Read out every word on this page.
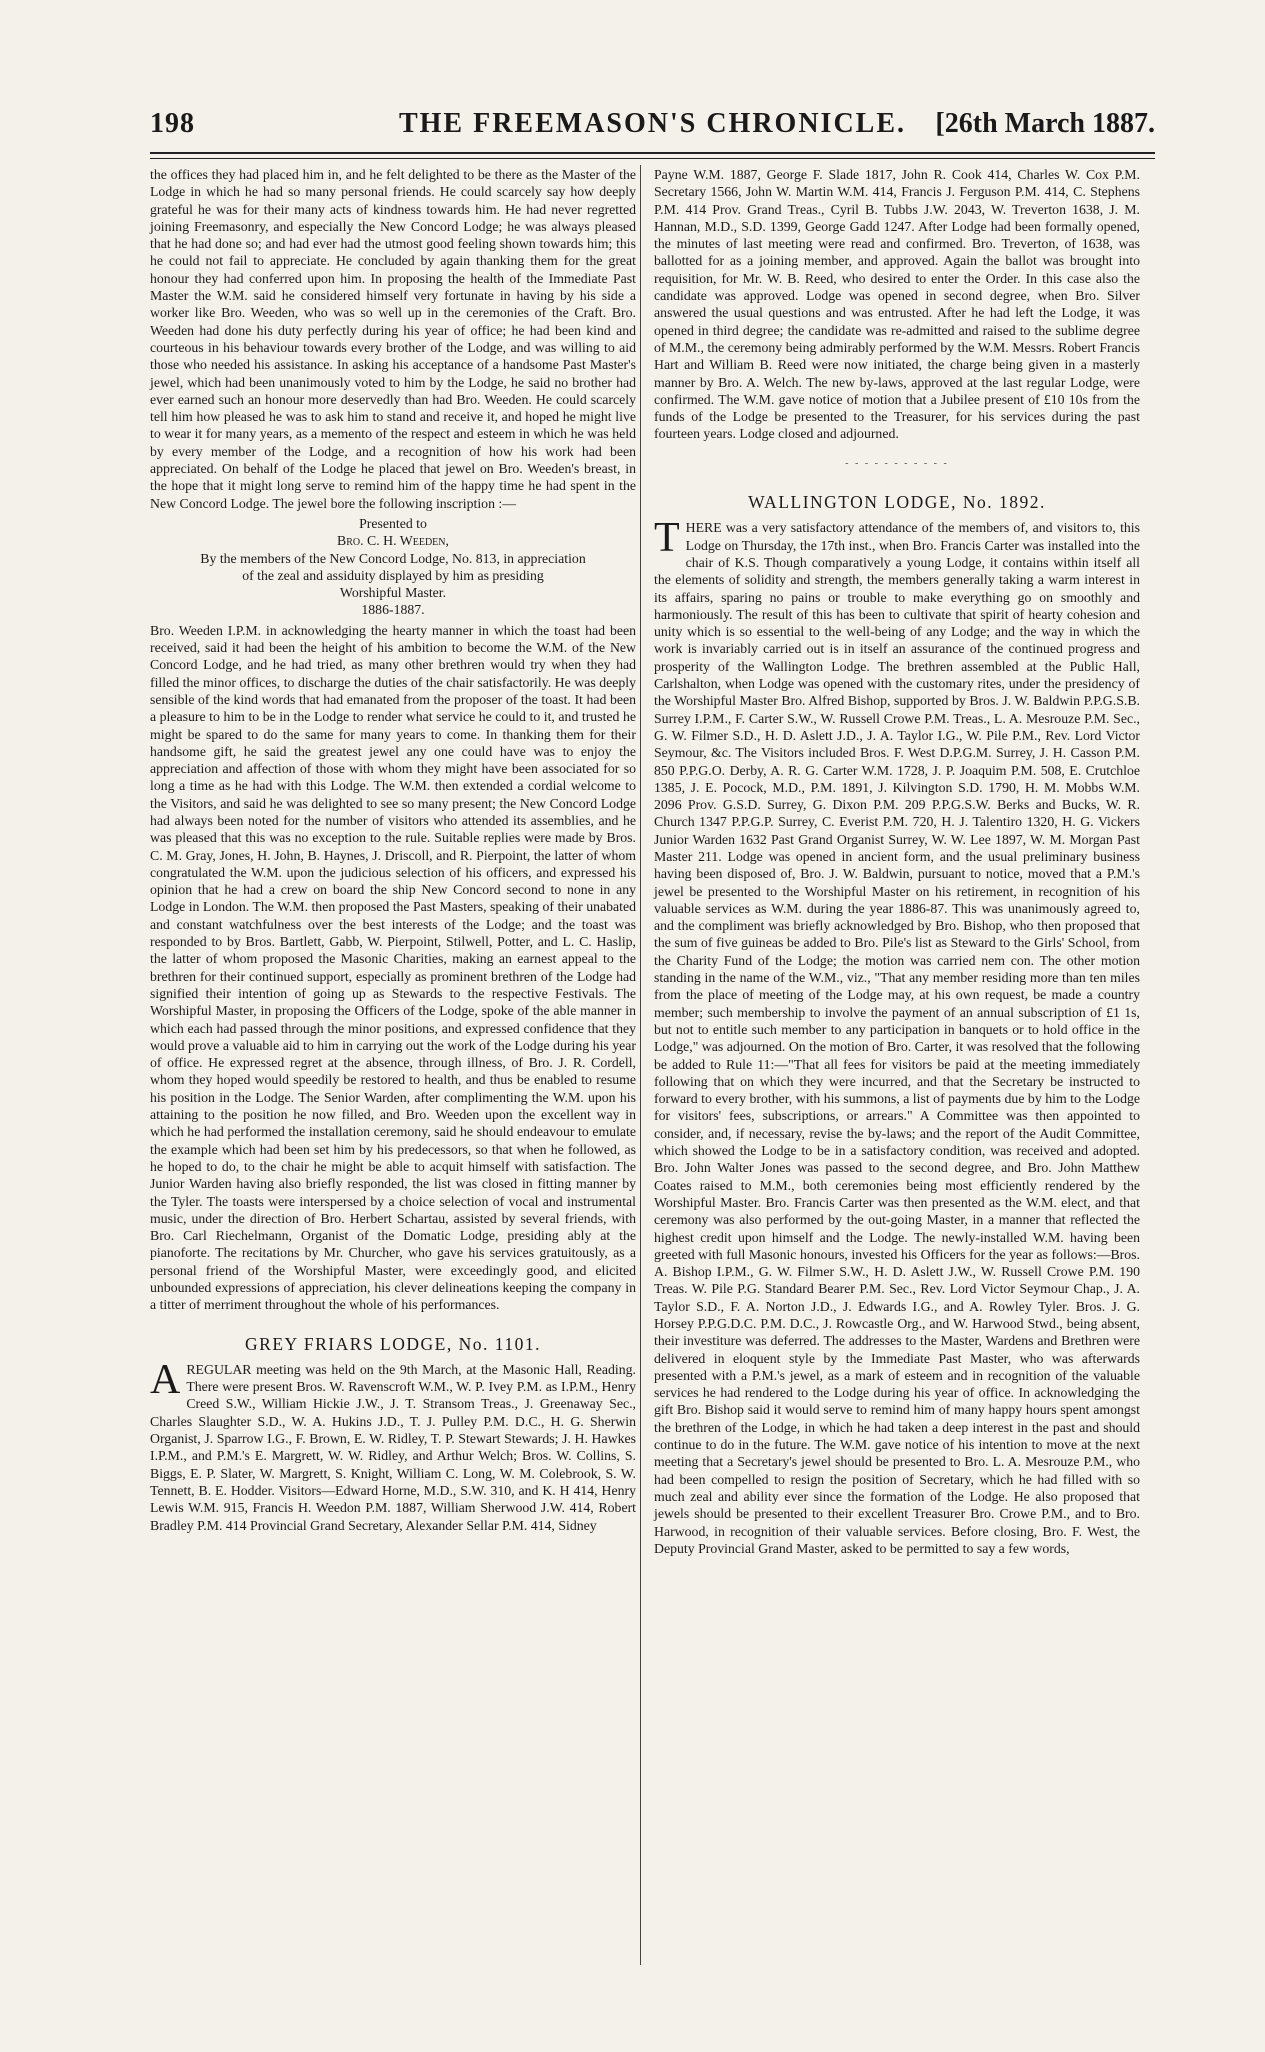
198	THE FREEMASON'S CHRONICLE.	[26th March 1887.

the offices they had placed him in, and he felt delighted to be there as the Master of the Lodge in which he had so many personal friends. He could scarcely say how deeply grateful he was for their many acts of kindness towards him. He had never regretted joining Freemasonry, and especially the New Concord Lodge; he was always pleased that he had done so; and had ever had the utmost good feeling shown towards him; this he could not fail to appreciate. He concluded by again thanking them for the great honour they had conferred upon him. In proposing the health of the Immediate Past Master the W.M. said he considered himself very fortunate in having by his side a worker like Bro. Weeden, who was so well up in the ceremonies of the Craft. Bro. Weeden had done his duty perfectly during his year of office; he had been kind and courteous in his behaviour towards every brother of the Lodge, and was willing to aid those who needed his assistance. In asking his acceptance of a handsome Past Master's jewel, which had been unanimously voted to him by the Lodge, he said no brother had ever earned such an honour more deservedly than had Bro. Weeden. He could scarcely tell him how pleased he was to ask him to stand and receive it, and hoped he might live to wear it for many years, as a memento of the respect and esteem in which he was held by every member of the Lodge, and a recognition of how his work had been appreciated. On behalf of the Lodge he placed that jewel on Bro. Weeden's breast, in the hope that it might long serve to remind him of the happy time he had spent in the New Concord Lodge. The jewel bore the following inscription :—

Presented to
Bro. C. H. Weeden,
By the members of the New Concord Lodge, No. 813, in appreciation
of the zeal and assiduity displayed by him as presiding
Worshipful Master.
1886-1887.

Bro. Weeden I.P.M. in acknowledging the hearty manner in which the toast had been received, said it had been the height of his ambition to become the W.M. of the New Concord Lodge, and he had tried, as many other brethren would try when they had filled the minor offices, to discharge the duties of the chair satisfactorily. He was deeply sensible of the kind words that had emanated from the proposer of the toast. It had been a pleasure to him to be in the Lodge to render what service he could to it, and trusted he might be spared to do the same for many years to come. In thanking them for their handsome gift, he said the greatest jewel any one could have was to enjoy the appreciation and affection of those with whom they might have been associated for so long a time as he had with this Lodge. The W.M. then extended a cordial welcome to the Visitors, and said he was delighted to see so many present; the New Concord Lodge had always been noted for the number of visitors who attended its assemblies, and he was pleased that this was no exception to the rule. Suitable replies were made by Bros. C. M. Gray, Jones, H. John, B. Haynes, J. Driscoll, and R. Pierpoint, the latter of whom congratulated the W.M. upon the judicious selection of his officers, and expressed his opinion that he had a crew on board the ship New Concord second to none in any Lodge in London. The W.M. then proposed the Past Masters, speaking of their unabated and constant watchfulness over the best interests of the Lodge; and the toast was responded to by Bros. Bartlett, Gabb, W. Pierpoint, Stilwell, Potter, and L. C. Haslip, the latter of whom proposed the Masonic Charities, making an earnest appeal to the brethren for their continued support, especially as prominent brethren of the Lodge had signified their intention of going up as Stewards to the respective Festivals. The Worshipful Master, in proposing the Officers of the Lodge, spoke of the able manner in which each had passed through the minor positions, and expressed confidence that they would prove a valuable aid to him in carrying out the work of the Lodge during his year of office. He expressed regret at the absence, through illness, of Bro. J. R. Cordell, whom they hoped would speedily be restored to health, and thus be enabled to resume his position in the Lodge. The Senior Warden, after complimenting the W.M. upon his attaining to the position he now filled, and Bro. Weeden upon the excellent way in which he had performed the installation ceremony, said he should endeavour to emulate the example which had been set him by his predecessors, so that when he followed, as he hoped to do, to the chair he might be able to acquit himself with satisfaction. The Junior Warden having also briefly responded, the list was closed in fitting manner by the Tyler. The toasts were interspersed by a choice selection of vocal and instrumental music, under the direction of Bro. Herbert Schartau, assisted by several friends, with Bro. Carl Riechelmann, Organist of the Domatic Lodge, presiding ably at the pianoforte. The recitations by Mr. Churcher, who gave his services gratuitously, as a personal friend of the Worshipful Master, were exceedingly good, and elicited unbounded expressions of appreciation, his clever delineations keeping the company in a titter of merriment throughout the whole of his performances.

GREY FRIARS LODGE, No. 1101.

AREGULAR meeting was held on the 9th March, at the Masonic Hall, Reading. There were present Bros. W. Ravenscroft W.M., W. P. Ivey P.M. as I.P.M., Henry Creed S.W., William Hickie J.W., J. T. Stransom Treas., J. Greenaway Sec., Charles Slaughter S.D., W. A. Hukins J.D., T. J. Pulley P.M. D.C., H. G. Sherwin Organist, J. Sparrow I.G., F. Brown, E. W. Ridley, T. P. Stewart Stewards; J. H. Hawkes I.P.M., and P.M.'s E. Margrett, W. W. Ridley, and Arthur Welch; Bros. W. Collins, S. Biggs, E. P. Slater, W. Margrett, S. Knight, William C. Long, W. M. Colebrook, S. W. Tennett, B. E. Hodder. Visitors—Edward Horne, M.D., S.W. 310, and K. H 414, Henry Lewis W.M. 915, Francis H. Weedon P.M. 1887, William Sherwood J.W. 414, Robert Bradley P.M. 414 Provincial Grand Secretary, Alexander Sellar P.M. 414, Sidney

Payne W.M. 1887, George F. Slade 1817, John R. Cook 414, Charles W. Cox P.M. Secretary 1566, John W. Martin W.M. 414, Francis J. Ferguson P.M. 414, C. Stephens P.M. 414 Prov. Grand Treas., Cyril B. Tubbs J.W. 2043, W. Treverton 1638, J. M. Hannan, M.D., S.D. 1399, George Gadd 1247. After Lodge had been formally opened, the minutes of last meeting were read and confirmed. Bro. Treverton, of 1638, was ballotted for as a joining member, and approved. Again the ballot was brought into requisition, for Mr. W. B. Reed, who desired to enter the Order. In this case also the candidate was approved. Lodge was opened in second degree, when Bro. Silver answered the usual questions and was entrusted. After he had left the Lodge, it was opened in third degree; the candidate was re-admitted and raised to the sublime degree of M.M., the ceremony being admirably performed by the W.M. Messrs. Robert Francis Hart and William B. Reed were now initiated, the charge being given in a masterly manner by Bro. A. Welch. The new by-laws, approved at the last regular Lodge, were confirmed. The W.M. gave notice of motion that a Jubilee present of £10 10s from the funds of the Lodge be presented to the Treasurer, for his services during the past fourteen years. Lodge closed and adjourned.

- - - - - - - - - - -
WALLINGTON LODGE, No. 1892.

THERE was a very satisfactory attendance of the members of, and visitors to, this Lodge on Thursday, the 17th inst., when Bro. Francis Carter was installed into the chair of K.S. Though comparatively a young Lodge, it contains within itself all the elements of solidity and strength, the members generally taking a warm interest in its affairs, sparing no pains or trouble to make everything go on smoothly and harmoniously. The result of this has been to cultivate that spirit of hearty cohesion and unity which is so essential to the well-being of any Lodge; and the way in which the work is invariably carried out is in itself an assurance of the continued progress and prosperity of the Wallington Lodge. The brethren assembled at the Public Hall, Carlshalton, when Lodge was opened with the customary rites, under the presidency of the Worshipful Master Bro. Alfred Bishop, supported by Bros. J. W. Baldwin P.P.G.S.B. Surrey I.P.M., F. Carter S.W., W. Russell Crowe P.M. Treas., L. A. Mesrouze P.M. Sec., G. W. Filmer S.D., H. D. Aslett J.D., J. A. Taylor I.G., W. Pile P.M., Rev. Lord Victor Seymour, &c. The Visitors included Bros. F. West D.P.G.M. Surrey, J. H. Casson P.M. 850 P.P.G.O. Derby, A. R. G. Carter W.M. 1728, J. P. Joaquim P.M. 508, E. Crutchloe 1385, J. E. Pocock, M.D., P.M. 1891, J. Kilvington S.D. 1790, H. M. Mobbs W.M. 2096 Prov. G.S.D. Surrey, G. Dixon P.M. 209 P.P.G.S.W. Berks and Bucks, W. R. Church 1347 P.P.G.P. Surrey, C. Everist P.M. 720, H. J. Talentiro 1320, H. G. Vickers Junior Warden 1632 Past Grand Organist Surrey, W. W. Lee 1897, W. M. Morgan Past Master 211. Lodge was opened in ancient form, and the usual preliminary business having been disposed of, Bro. J. W. Baldwin, pursuant to notice, moved that a P.M.'s jewel be presented to the Worshipful Master on his retirement, in recognition of his valuable services as W.M. during the year 1886-87. This was unanimously agreed to, and the compliment was briefly acknowledged by Bro. Bishop, who then proposed that the sum of five guineas be added to Bro. Pile's list as Steward to the Girls' School, from the Charity Fund of the Lodge; the motion was carried nem con. The other motion standing in the name of the W.M., viz., "That any member residing more than ten miles from the place of meeting of the Lodge may, at his own request, be made a country member; such membership to involve the payment of an annual subscription of £1 1s, but not to entitle such member to any participation in banquets or to hold office in the Lodge," was adjourned. On the motion of Bro. Carter, it was resolved that the following be added to Rule 11:—"That all fees for visitors be paid at the meeting immediately following that on which they were incurred, and that the Secretary be instructed to forward to every brother, with his summons, a list of payments due by him to the Lodge for visitors' fees, subscriptions, or arrears." A Committee was then appointed to consider, and, if necessary, revise the by-laws; and the report of the Audit Committee, which showed the Lodge to be in a satisfactory condition, was received and adopted. Bro. John Walter Jones was passed to the second degree, and Bro. John Matthew Coates raised to M.M., both ceremonies being most efficiently rendered by the Worshipful Master. Bro. Francis Carter was then presented as the W.M. elect, and that ceremony was also performed by the out-going Master, in a manner that reflected the highest credit upon himself and the Lodge. The newly-installed W.M. having been greeted with full Masonic honours, invested his Officers for the year as follows:—Bros. A. Bishop I.P.M., G. W. Filmer S.W., H. D. Aslett J.W., W. Russell Crowe P.M. 190 Treas. W. Pile P.G. Standard Bearer P.M. Sec., Rev. Lord Victor Seymour Chap., J. A. Taylor S.D., F. A. Norton J.D., J. Edwards I.G., and A. Rowley Tyler. Bros. J. G. Horsey P.P.G.D.C. P.M. D.C., J. Rowcastle Org., and W. Harwood Stwd., being absent, their investiture was deferred. The addresses to the Master, Wardens and Brethren were delivered in eloquent style by the Immediate Past Master, who was afterwards presented with a P.M.'s jewel, as a mark of esteem and in recognition of the valuable services he had rendered to the Lodge during his year of office. In acknowledging the gift Bro. Bishop said it would serve to remind him of many happy hours spent amongst the brethren of the Lodge, in which he had taken a deep interest in the past and should continue to do in the future. The W.M. gave notice of his intention to move at the next meeting that a Secretary's jewel should be presented to Bro. L. A. Mesrouze P.M., who had been compelled to resign the position of Secretary, which he had filled with so much zeal and ability ever since the formation of the Lodge. He also proposed that jewels should be presented to their excellent Treasurer Bro. Crowe P.M., and to Bro. Harwood, in recognition of their valuable services. Before closing, Bro. F. West, the Deputy Provincial Grand Master, asked to be permitted to say a few words,
